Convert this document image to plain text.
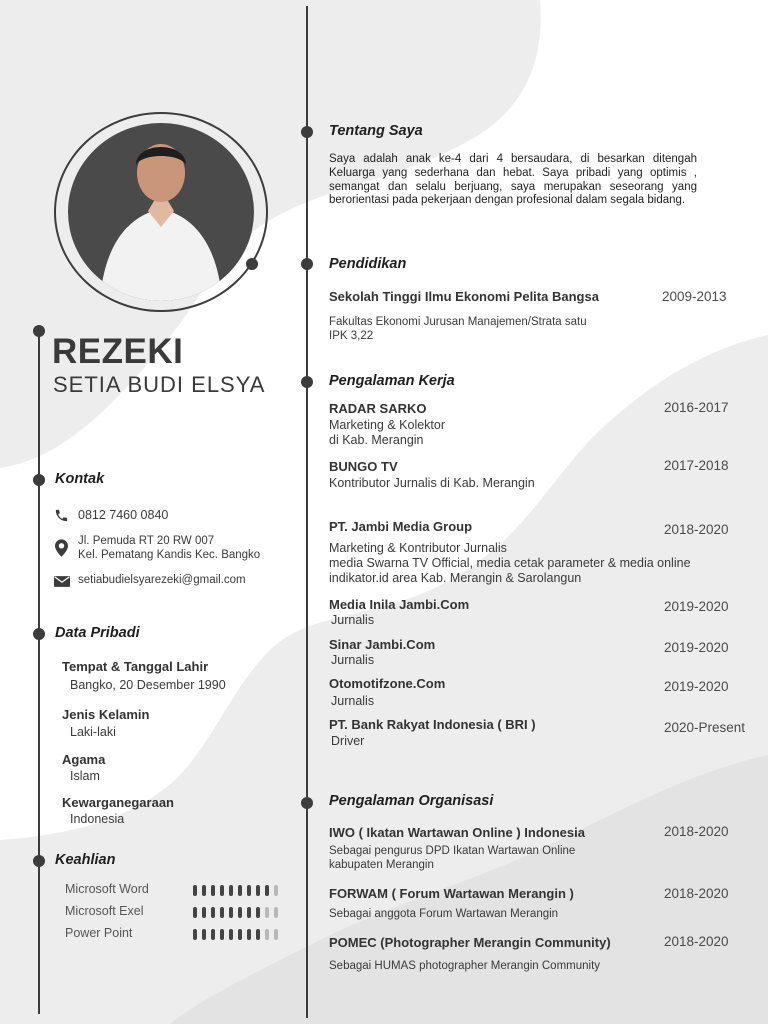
REZEKI
SETIA BUDI ELSYA
Kontak
0812 7460 0840
Jl. Pemuda RT 20 RW 007
Kel. Pematang Kandis Kec. Bangko
setiabudielsyarezeki@gmail.com
Data Pribadi
Tempat & Tanggal Lahir
Bangko, 20 Desember 1990
Jenis Kelamin
Laki-laki
Agama
Islam
Kewarganegaraan
Indonesia
Keahlian
Microsoft Word
Microsoft Exel
Power Point
Tentang Saya
Saya adalah anak ke-4 dari 4 bersaudara, di besarkan ditengah Keluarga yang sederhana dan hebat. Saya pribadi yang optimis , semangat dan selalu berjuang, saya merupakan seseorang yang berorientasi pada pekerjaan dengan profesional dalam segala bidang.
Pendidikan
Sekolah Tinggi Ilmu Ekonomi Pelita Bangsa	2009-2013
Fakultas Ekonomi Jurusan Manajemen/Strata satu
IPK 3,22
Pengalaman Kerja
RADAR SARKO	2016-2017
Marketing & Kolektor
di Kab. Merangin
BUNGO TV	2017-2018
Kontributor Jurnalis di Kab. Merangin
PT. Jambi Media Group	2018-2020
Marketing & Kontributor Jurnalis
media Swarna TV Official, media cetak parameter & media online
indikator.id area Kab. Merangin & Sarolangun
Media Inila Jambi.Com	2019-2020
Jurnalis
Sinar Jambi.Com	2019-2020
Jurnalis
Otomotifzone.Com	2019-2020
Jurnalis
PT. Bank Rakyat Indonesia ( BRI )	2020-Present
Driver
Pengalaman Organisasi
IWO ( Ikatan Wartawan Online ) Indonesia	2018-2020
Sebagai pengurus DPD Ikatan Wartawan Online
kabupaten Merangin
FORWAM ( Forum Wartawan Merangin )	2018-2020
Sebagai anggota Forum Wartawan Merangin
POMEC (Photographer Merangin Community)	2018-2020
Sebagai HUMAS photographer Merangin Community
